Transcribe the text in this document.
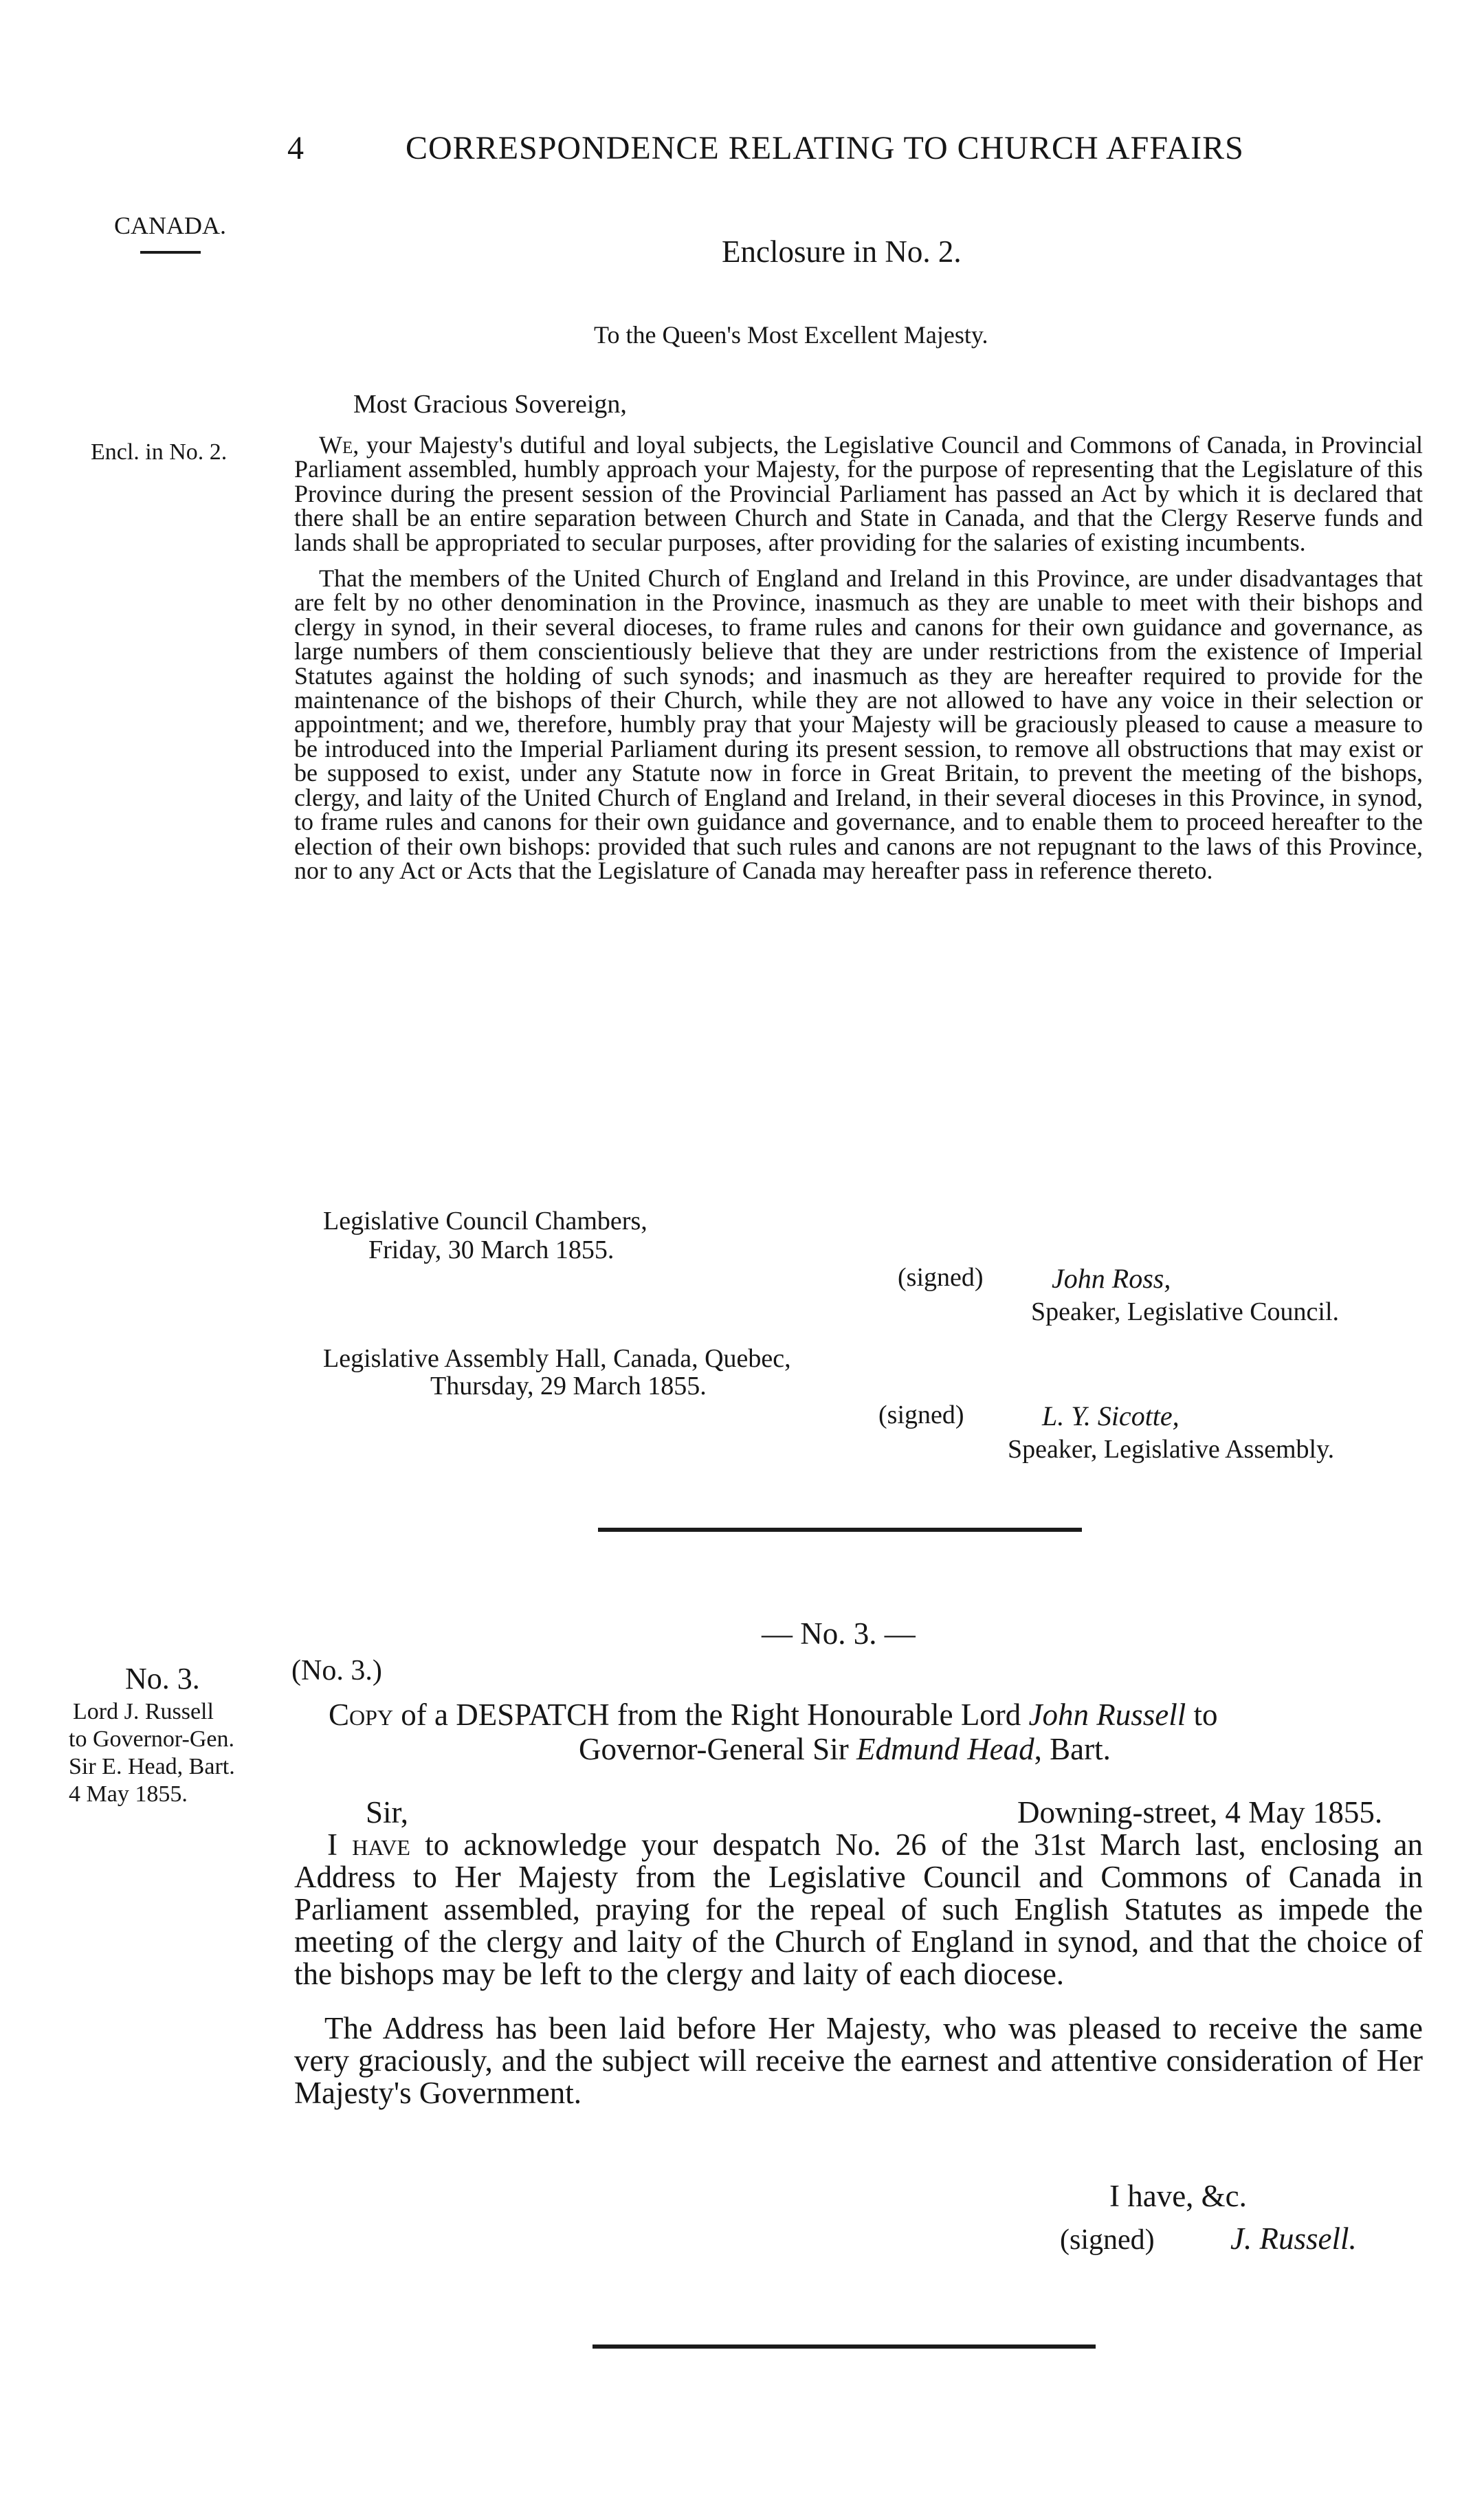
4	CORRESPONDENCE RELATING TO CHURCH AFFAIRS
CANADA.
Encl. in No. 2.
Enclosure in No. 2.
To the Queen's Most Excellent Majesty.
Most Gracious Sovereign,

We, your Majesty's dutiful and loyal subjects, the Legislative Council and Commons of Canada, in Provincial Parliament assembled, humbly approach your Majesty, for the purpose of representing that the Legislature of this Province during the present session of the Provincial Parliament has passed an Act by which it is declared that there shall be an entire separation between Church and State in Canada, and that the Clergy Reserve funds and lands shall be appropriated to secular purposes, after providing for the salaries of existing incumbents.

That the members of the United Church of England and Ireland in this Province, are under disadvantages that are felt by no other denomination in the Province, inasmuch as they are unable to meet with their bishops and clergy in synod, in their several dioceses, to frame rules and canons for their own guidance and governance, as large numbers of them conscientiously believe that they are under restrictions from the existence of Imperial Statutes against the holding of such synods; and inasmuch as they are hereafter required to provide for the maintenance of the bishops of their Church, while they are not allowed to have any voice in their selection or appointment; and we, therefore, humbly pray that your Majesty will be graciously pleased to cause a measure to be introduced into the Imperial Parliament during its present session, to remove all obstructions that may exist or be supposed to exist, under any Statute now in force in Great Britain, to prevent the meeting of the bishops, clergy, and laity of the United Church of England and Ireland, in their several dioceses in this Province, in synod, to frame rules and canons for their own guidance and governance, and to enable them to proceed hereafter to the election of their own bishops: provided that such rules and canons are not repugnant to the laws of this Province, nor to any Act or Acts that the Legislature of Canada may hereafter pass in reference thereto.

Legislative Council Chambers,
Friday, 30 March 1855.
(signed) John Ross,
Speaker, Legislative Council.
Legislative Assembly Hall, Canada, Quebec,
Thursday, 29 March 1855.
(signed)	L. Y. Sicotte,
Speaker, Legislative Assembly.
— No. 3. —
No. 3.
Lord J. Russell
to Governor-Gen.
Sir E. Head, Bart.
4 May 1855.
(No. 3.)
Copy of a DESPATCH from the Right Honourable Lord John Russell to
Governor-General Sir Edmund Head, Bart.
Sir,	Downing-street, 4 May 1855.

I have to acknowledge your despatch No. 26 of the 31st March last, enclosing an Address to Her Majesty from the Legislative Council and Commons of Canada in Parliament assembled, praying for the repeal of such English Statutes as impede the meeting of the clergy and laity of the Church of England in synod, and that the choice of the bishops may be left to the clergy and laity of each diocese.

The Address has been laid before Her Majesty, who was pleased to receive the same very graciously, and the subject will receive the earnest and attentive consideration of Her Majesty's Government.

I have, &c.
(signed) J. Russell.
